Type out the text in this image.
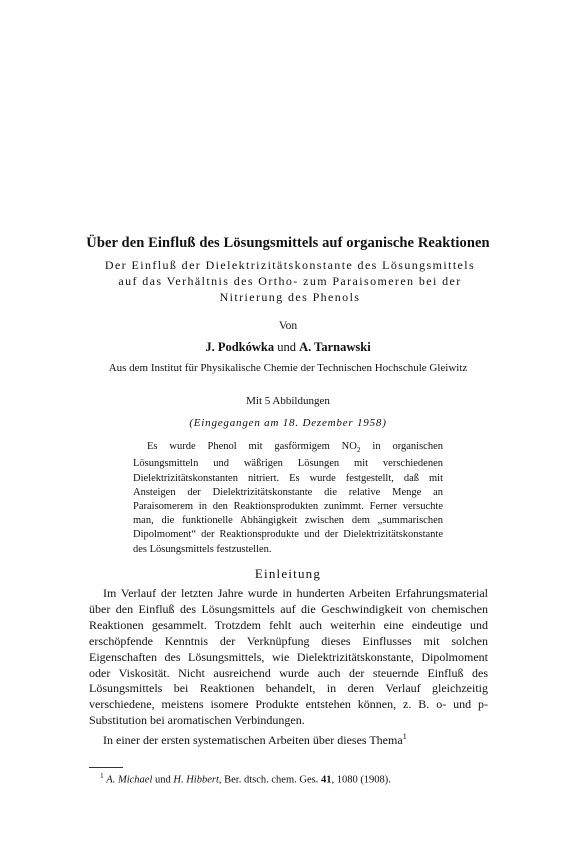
Über den Einfluß des Lösungsmittels auf organische Reaktionen
Der Einfluß der Dielektrizitätskonstante des Lösungsmittels
auf das Verhältnis des Ortho- zum Paraisomeren bei der
Nitrierung des Phenols
Von
J. Podkówka und A. Tarnawski
Aus dem Institut für Physikalische Chemie der Technischen Hochschule Gleiwitz
Mit 5 Abbildungen
(Eingegangen am 18. Dezember 1958)
Es wurde Phenol mit gasförmigem $NO_2$ in organischen Lösungsmitteln und wäßrigen Lösungen mit verschiedenen Dielektrizitätskonstanten nitriert. Es wurde festgestellt, daß mit Ansteigen der Dielektrizitätskonstante die relative Menge an Paraisomerem in den Reaktionsprodukten zunimmt. Ferner versuchte man, die funktionelle Abhängigkeit zwischen dem „summarischen Dipolmoment“ der Reaktionsprodukte und der Dielektrizitätskonstante des Lösungsmittels festzustellen.
Einleitung

Im Verlauf der letzten Jahre wurde in hunderten Arbeiten Erfahrungsmaterial über den Einfluß des Lösungsmittels auf die Geschwindigkeit von chemischen Reaktionen gesammelt. Trotzdem fehlt auch weiterhin eine eindeutige und erschöpfende Kenntnis der Verknüpfung dieses Einflusses mit solchen Eigenschaften des Lösungsmittels, wie Dielektrizitätskonstante, Dipolmoment oder Viskosität. Nicht ausreichend wurde auch der steuernde Einfluß des Lösungsmittels bei Reaktionen behandelt, in deren Verlauf gleichzeitig verschiedene, meistens isomere Produkte entstehen können, z. B. o- und p-Substitution bei aromatischen Verbindungen.

In einer der ersten systematischen Arbeiten über dieses Thema$^1$

$^1$ A. Michael und H. Hibbert, Ber. dtsch. chem. Ges. 41, 1080 (1908).
